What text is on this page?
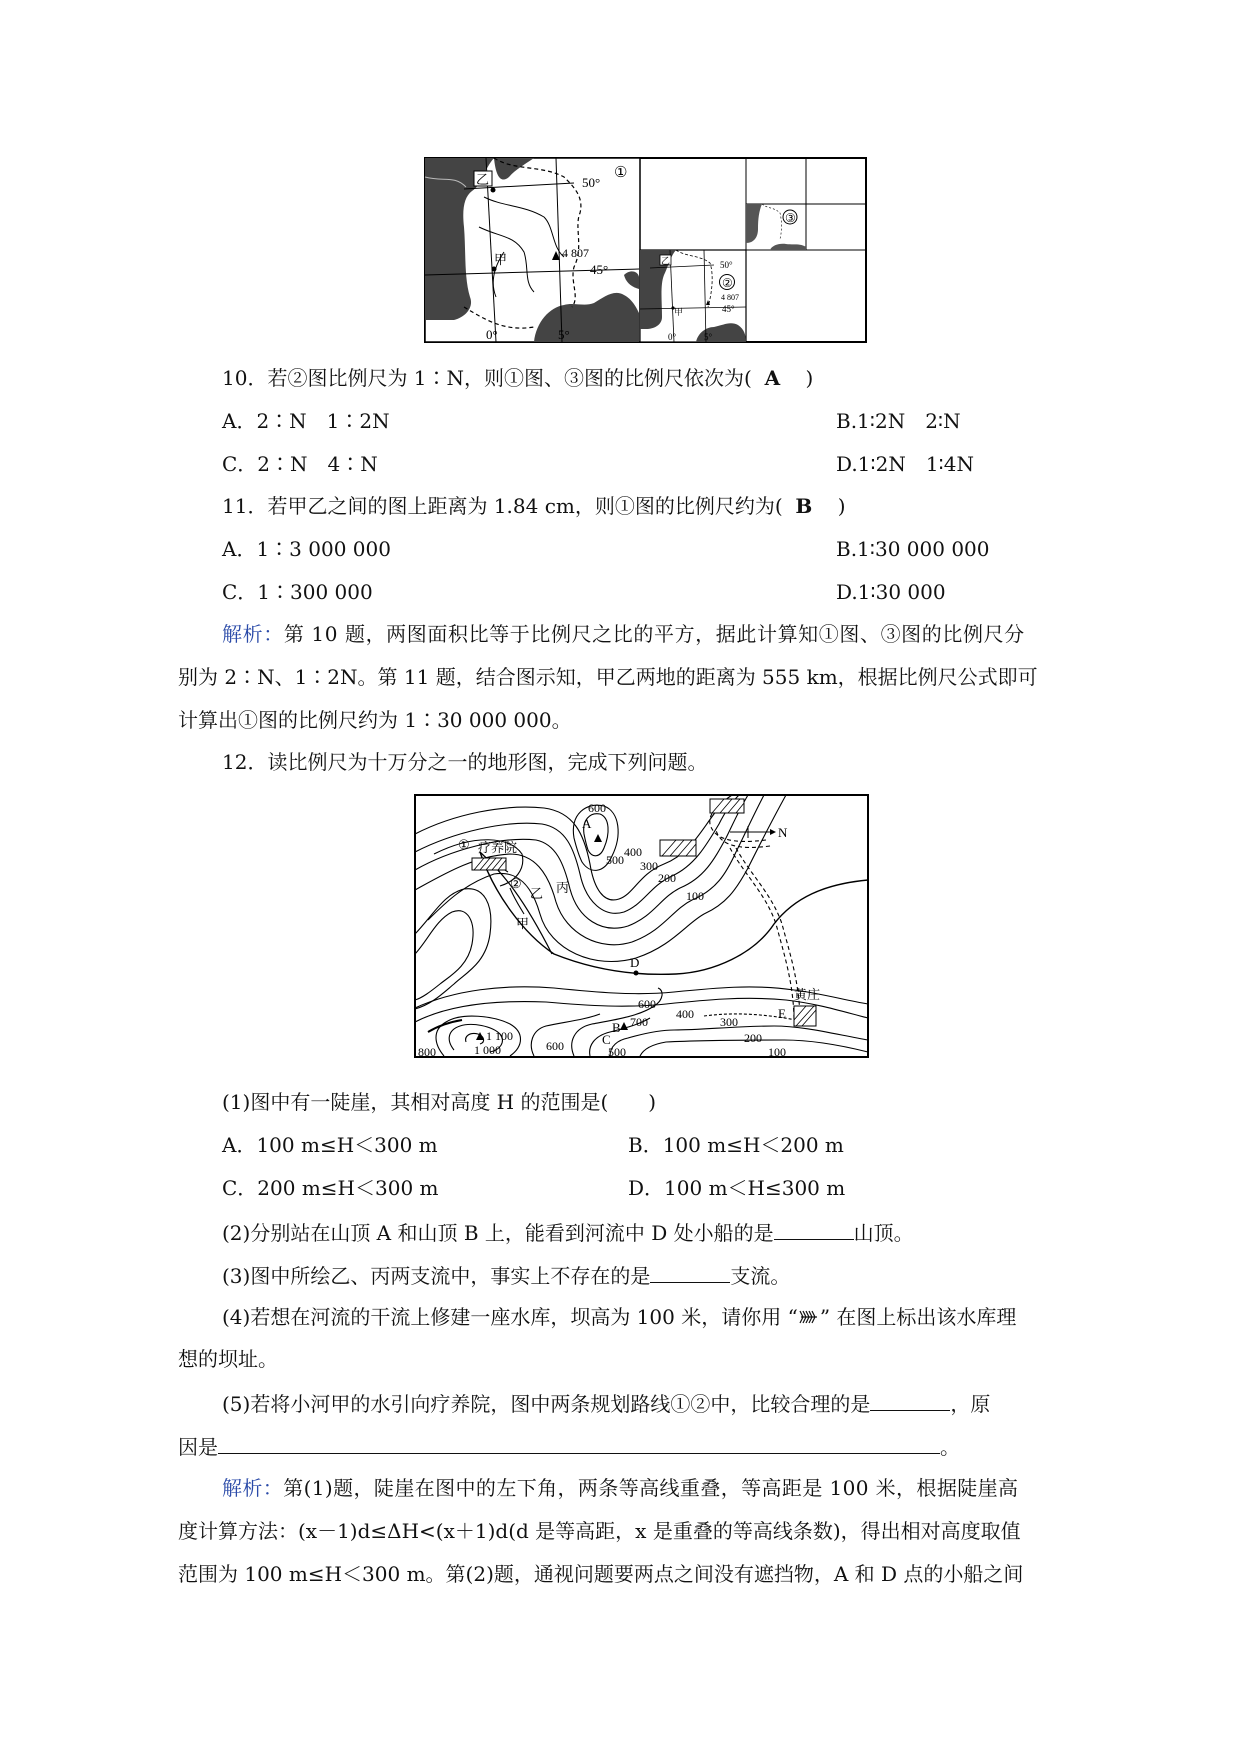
乙
甲	4 807
50°
45°
0°	5°
①
乙
甲
50°
4 807
45°
0°	5°
②
③
10．若②图比例尺为 1∶N，则①图、③图的比例尺依次为( A )
A．2∶N　1∶2N	B.1∶2N　2∶N
C．2∶N　4∶N	D.1∶2N　1∶4N
11．若甲乙之间的图上距离为 1.84 cm，则①图的比例尺约为( B )
A．1∶3 000 000	B.1∶30 000 000
C．1∶300 000	D.1∶30 000
解析：第 10 题，两图面积比等于比例尺之比的平方，据此计算知①图、③图的比例尺分
别为 2∶N、1∶2N。第 11 题，结合图示知，甲乙两地的距离为 555 km，根据比例尺公式即可
计算出①图的比例尺约为 1∶30 000 000。
12．读比例尺为十万分之一的地形图，完成下列问题。
N
① 疗养院
②
乙 丙
甲
A
D
B
C
E
黄庄
600
500
400
300
200
100
600
700
400
300
200
100
1 100
1 000
800	600	500
(1)图中有一陡崖，其相对高度 H 的范围是(　　)
A．100 m≤H＜300 m	B．100 m≤H＜200 m
C．200 m≤H＜300 m	D．100 m＜H≤300 m
(2)分别站在山顶 A 和山顶 B 上，能看到河流中 D 处小船的是	山顶。
(3)图中所绘乙、丙两支流中，事实上不存在的是	支流。
(4)若想在河流的干流上修建一座水库，坝高为 100 米，请你用 “ ” 在图上标出该水库理
想的坝址。
(5)若将小河甲的水引向疗养院，图中两条规划路线①②中，比较合理的是	，原
因是	。
解析：第(1)题，陡崖在图中的左下角，两条等高线重叠，等高距是 100 米，根据陡崖高
度计算方法：(x－1)d≤ΔH<(x＋1)d(d 是等高距，x 是重叠的等高线条数)，得出相对高度取值
范围为 100 m≤H＜300 m。第(2)题，通视问题要两点之间没有遮挡物，A 和 D 点的小船之间
